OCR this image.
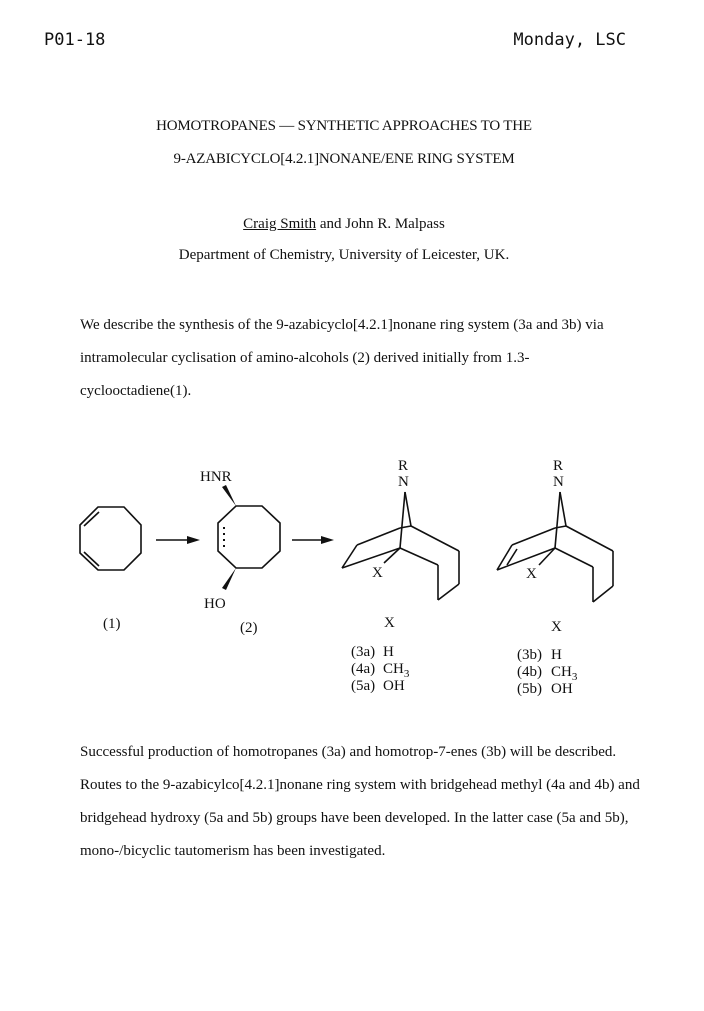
P01-18	Monday, LSC
HOMOTROPANES — SYNTHETIC APPROACHES TO THE
9-AZABICYCLO[4.2.1]NONANE/ENE RING SYSTEM
Craig Smith and John R. Malpass
Department of Chemistry, University of Leicester, UK.
We describe the synthesis of the 9-azabicyclo[4.2.1]nonane ring system (3a and 3b) via intramolecular cyclisation of amino-alcohols (2) derived initially from 1.3-cyclooctadiene(1).
(1)
HNR
HO
(2)
R
N
X
R
N
X
X
(3a) H
(4a) $CH_3$
(5a) OH
X
(3b) H
(4b) $CH_3$
(5b) OH
Successful production of homotropanes (3a) and homotrop-7-enes (3b) will be described. Routes to the 9-azabicylco[4.2.1]nonane ring system with bridgehead methyl (4a and 4b) and bridgehead hydroxy (5a and 5b) groups have been developed. In the latter case (5a and 5b), mono-/bicyclic tautomerism has been investigated.
